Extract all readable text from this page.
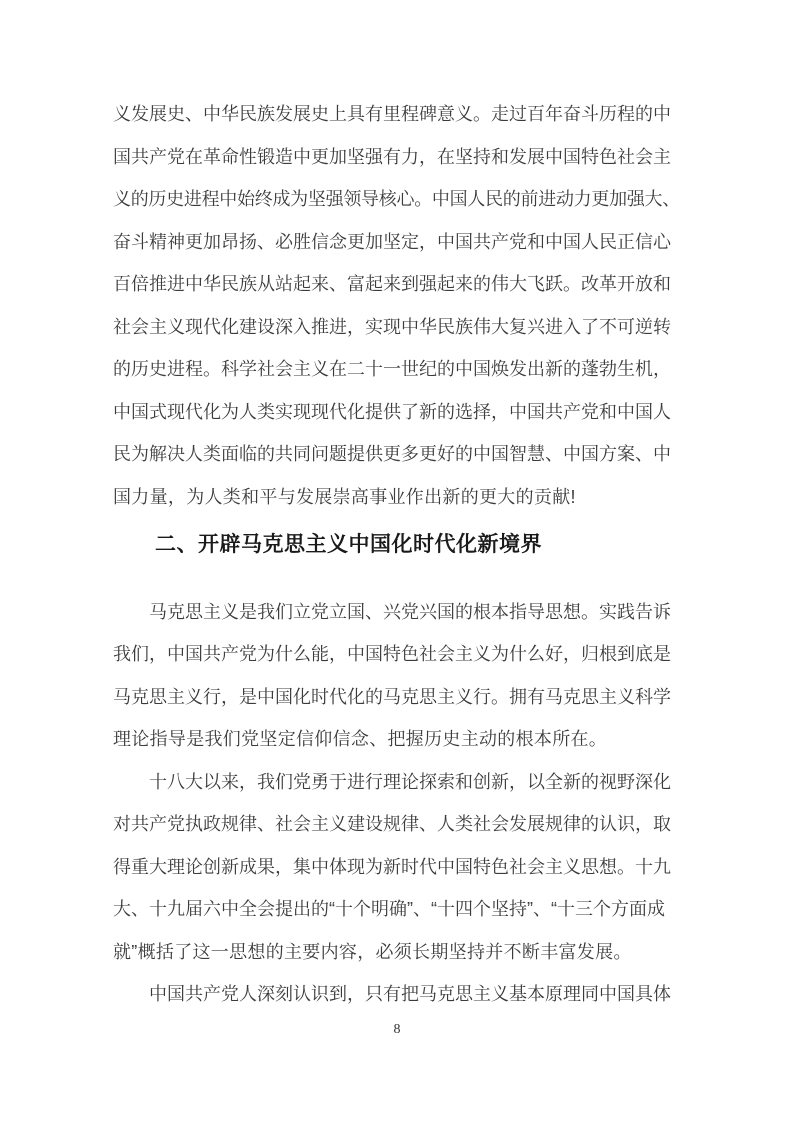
义发展史、中华民族发展史上具有里程碑意义。走过百年奋斗历程的中
国共产党在革命性锻造中更加坚强有力，在坚持和发展中国特色社会主
义的历史进程中始终成为坚强领导核心。中国人民的前进动力更加强大、
奋斗精神更加昂扬、必胜信念更加坚定，中国共产党和中国人民正信心
百倍推进中华民族从站起来、富起来到强起来的伟大飞跃。改革开放和
社会主义现代化建设深入推进，实现中华民族伟大复兴进入了不可逆转
的历史进程。科学社会主义在二十一世纪的中国焕发出新的蓬勃生机，
中国式现代化为人类实现现代化提供了新的选择，中国共产党和中国人
民为解决人类面临的共同问题提供更多更好的中国智慧、中国方案、中
国力量，为人类和平与发展崇高事业作出新的更大的贡献!

二、开辟马克思主义中国化时代化新境界

　　马克思主义是我们立党立国、兴党兴国的根本指导思想。实践告诉
我们，中国共产党为什么能，中国特色社会主义为什么好，归根到底是
马克思主义行，是中国化时代化的马克思主义行。拥有马克思主义科学
理论指导是我们党坚定信仰信念、把握历史主动的根本所在。

　　十八大以来，我们党勇于进行理论探索和创新，以全新的视野深化
对共产党执政规律、社会主义建设规律、人类社会发展规律的认识，取
得重大理论创新成果，集中体现为新时代中国特色社会主义思想。十九
大、十九届六中全会提出的“十个明确”、“十四个坚持”、“十三个方面成
就”概括了这一思想的主要内容，必须长期坚持并不断丰富发展。

　　中国共产党人深刻认识到，只有把马克思主义基本原理同中国具体

8
